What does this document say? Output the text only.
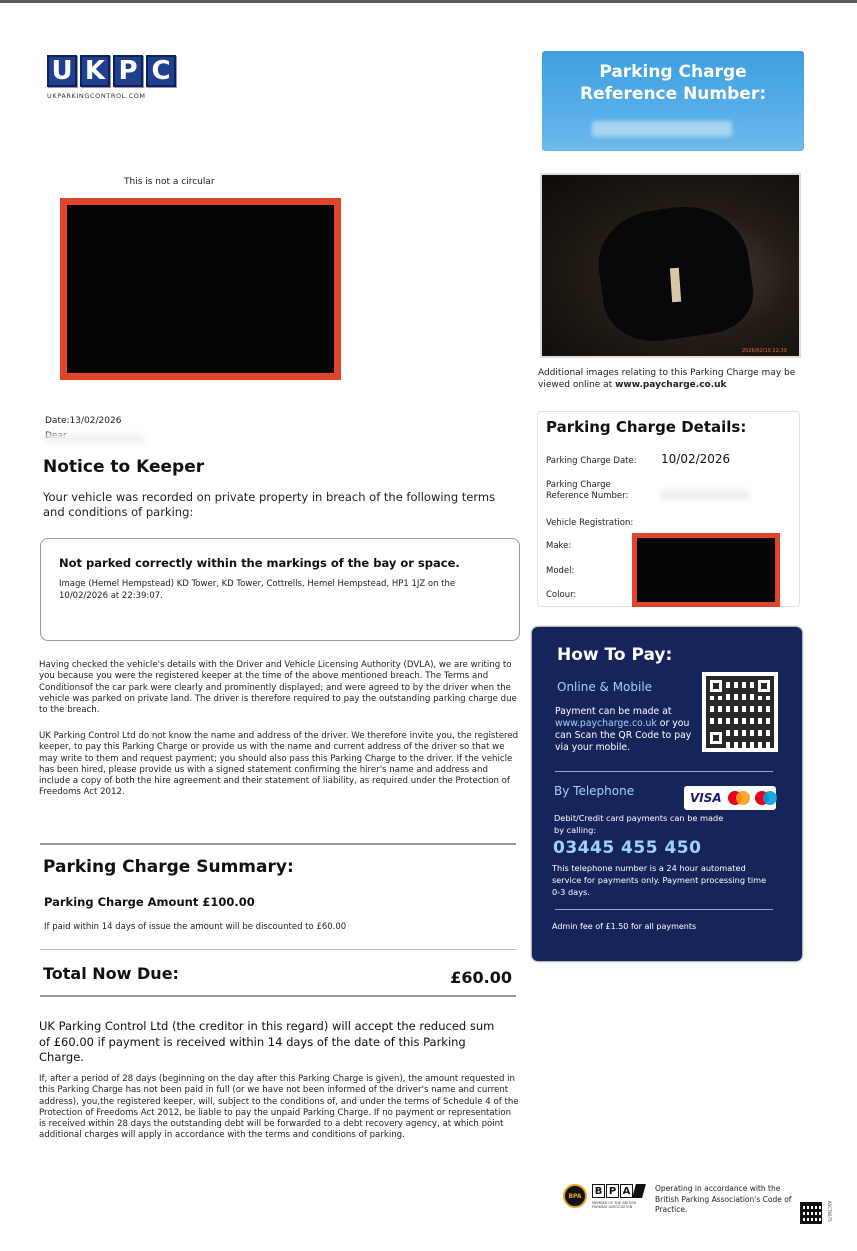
U K P C
UKPARKINGCONTROL.COM
This is not a circular
Parking Charge
Reference Number:
2026/02/10 22:39
Additional images relating to this Parking Charge may be viewed online at www.paycharge.co.uk
Date:13/02/2026
Notice to Keeper
Your vehicle was recorded on private property in breach of the following terms and conditions of parking:
Not parked correctly within the markings of the bay or space.
Image (Hemel Hempstead) KD Tower, KD Tower, Cottrells, Hemel Hempstead, HP1 1JZ on the 10/02/2026 at 22:39:07.
Having checked the vehicle's details with the Driver and Vehicle Licensing Authority (DVLA), we are writing to you because you were the registered keeper at the time of the above mentioned breach. The Terms and Conditionsof the car park were clearly and prominently displayed; and were agreed to by the driver when the vehicle was parked on private land. The driver is therefore required to pay the outstanding parking charge due to the breach.
UK Parking Control Ltd do not know the name and address of the driver. We therefore invite you, the registered keeper, to pay this Parking Charge or provide us with the name and current address of the driver so that we may write to them and request payment; you should also pass this Parking Charge to the driver. If the vehicle has been hired, please provide us with a signed statement confirming the hirer's name and address and include a copy of both the hire agreement and their statement of liability, as required under the Protection of Freedoms Act 2012.
Parking Charge Summary:
Parking Charge Amount £100.00
If paid within 14 days of issue the amount will be discounted to £60.00
Total Now Due:	£60.00
UK Parking Control Ltd (the creditor in this regard) will accept the reduced sum of £60.00 if payment is received within 14 days of the date of this Parking Charge.
If, after a period of 28 days (beginning on the day after this Parking Charge is given), the amount requested in this Parking Charge has not been paid in full (or we have not been informed of the driver's name and current address), you,the registered keeper, will, subject to the conditions of, and under the terms of Schedule 4 of the Protection of Freedoms Act 2012, be liable to pay the unpaid Parking Charge. If no payment or representation is received within 28 days the outstanding debt will be forwarded to a debt recovery agency, at which point additional charges will apply in accordance with the terms and conditions of parking.
Parking Charge Details:
Parking Charge Date: 10/02/2026
Parking Charge
Reference Number:
Vehicle Registration:
Make:
Model:
Colour:
How To Pay:
Online & Mobile
Payment can be made at www.paycharge.co.uk or you can Scan the QR Code to pay via your mobile.
By Telephone	VISA
Debit/Credit card payments can be made by calling:
03445 455 450
This telephone number is a 24 hour automated service for payments only. Payment processing time 0-3 days.
Admin fee of £1.50 for all payments
BPA	B P A
MEMBER OF THE BRITISH PARKING ASSOCIATION
Operating in accordance with the British Parking Association's Code of Practice.	ASCT6675
